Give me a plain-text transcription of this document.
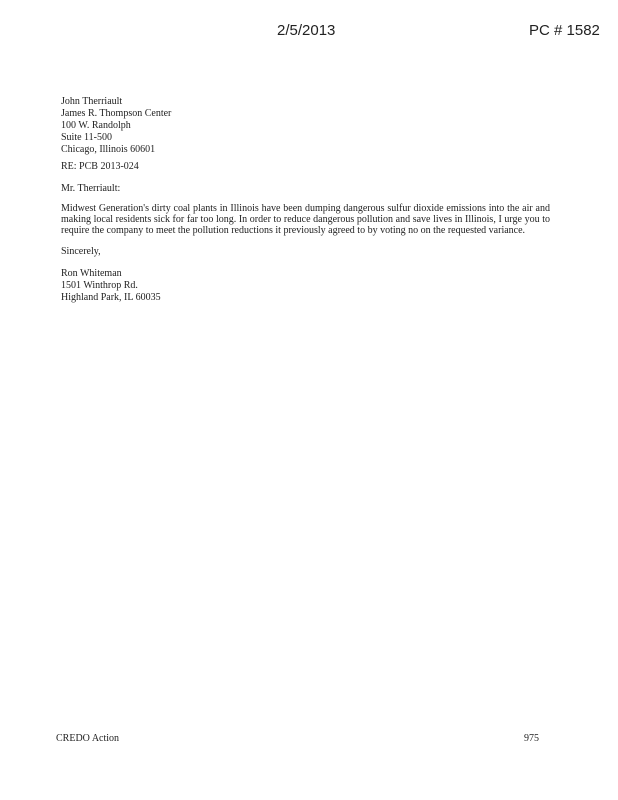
2/5/2013	PC # 1582
John Therriault
James R. Thompson Center
100 W. Randolph
Suite 11-500
Chicago, Illinois 60601

RE: PCB 2013-024

Mr. Therriault:

Midwest Generation's dirty coal plants in Illinois have been dumping dangerous sulfur dioxide emissions into the air and making local residents sick for far too long. In order to reduce dangerous pollution and save lives in Illinois, I urge you to require the company to meet the pollution reductions it previously agreed to by voting no on the requested variance.

Sincerely,

Ron Whiteman
1501 Winthrop Rd.
Highland Park, IL 60035
CREDO Action	975
